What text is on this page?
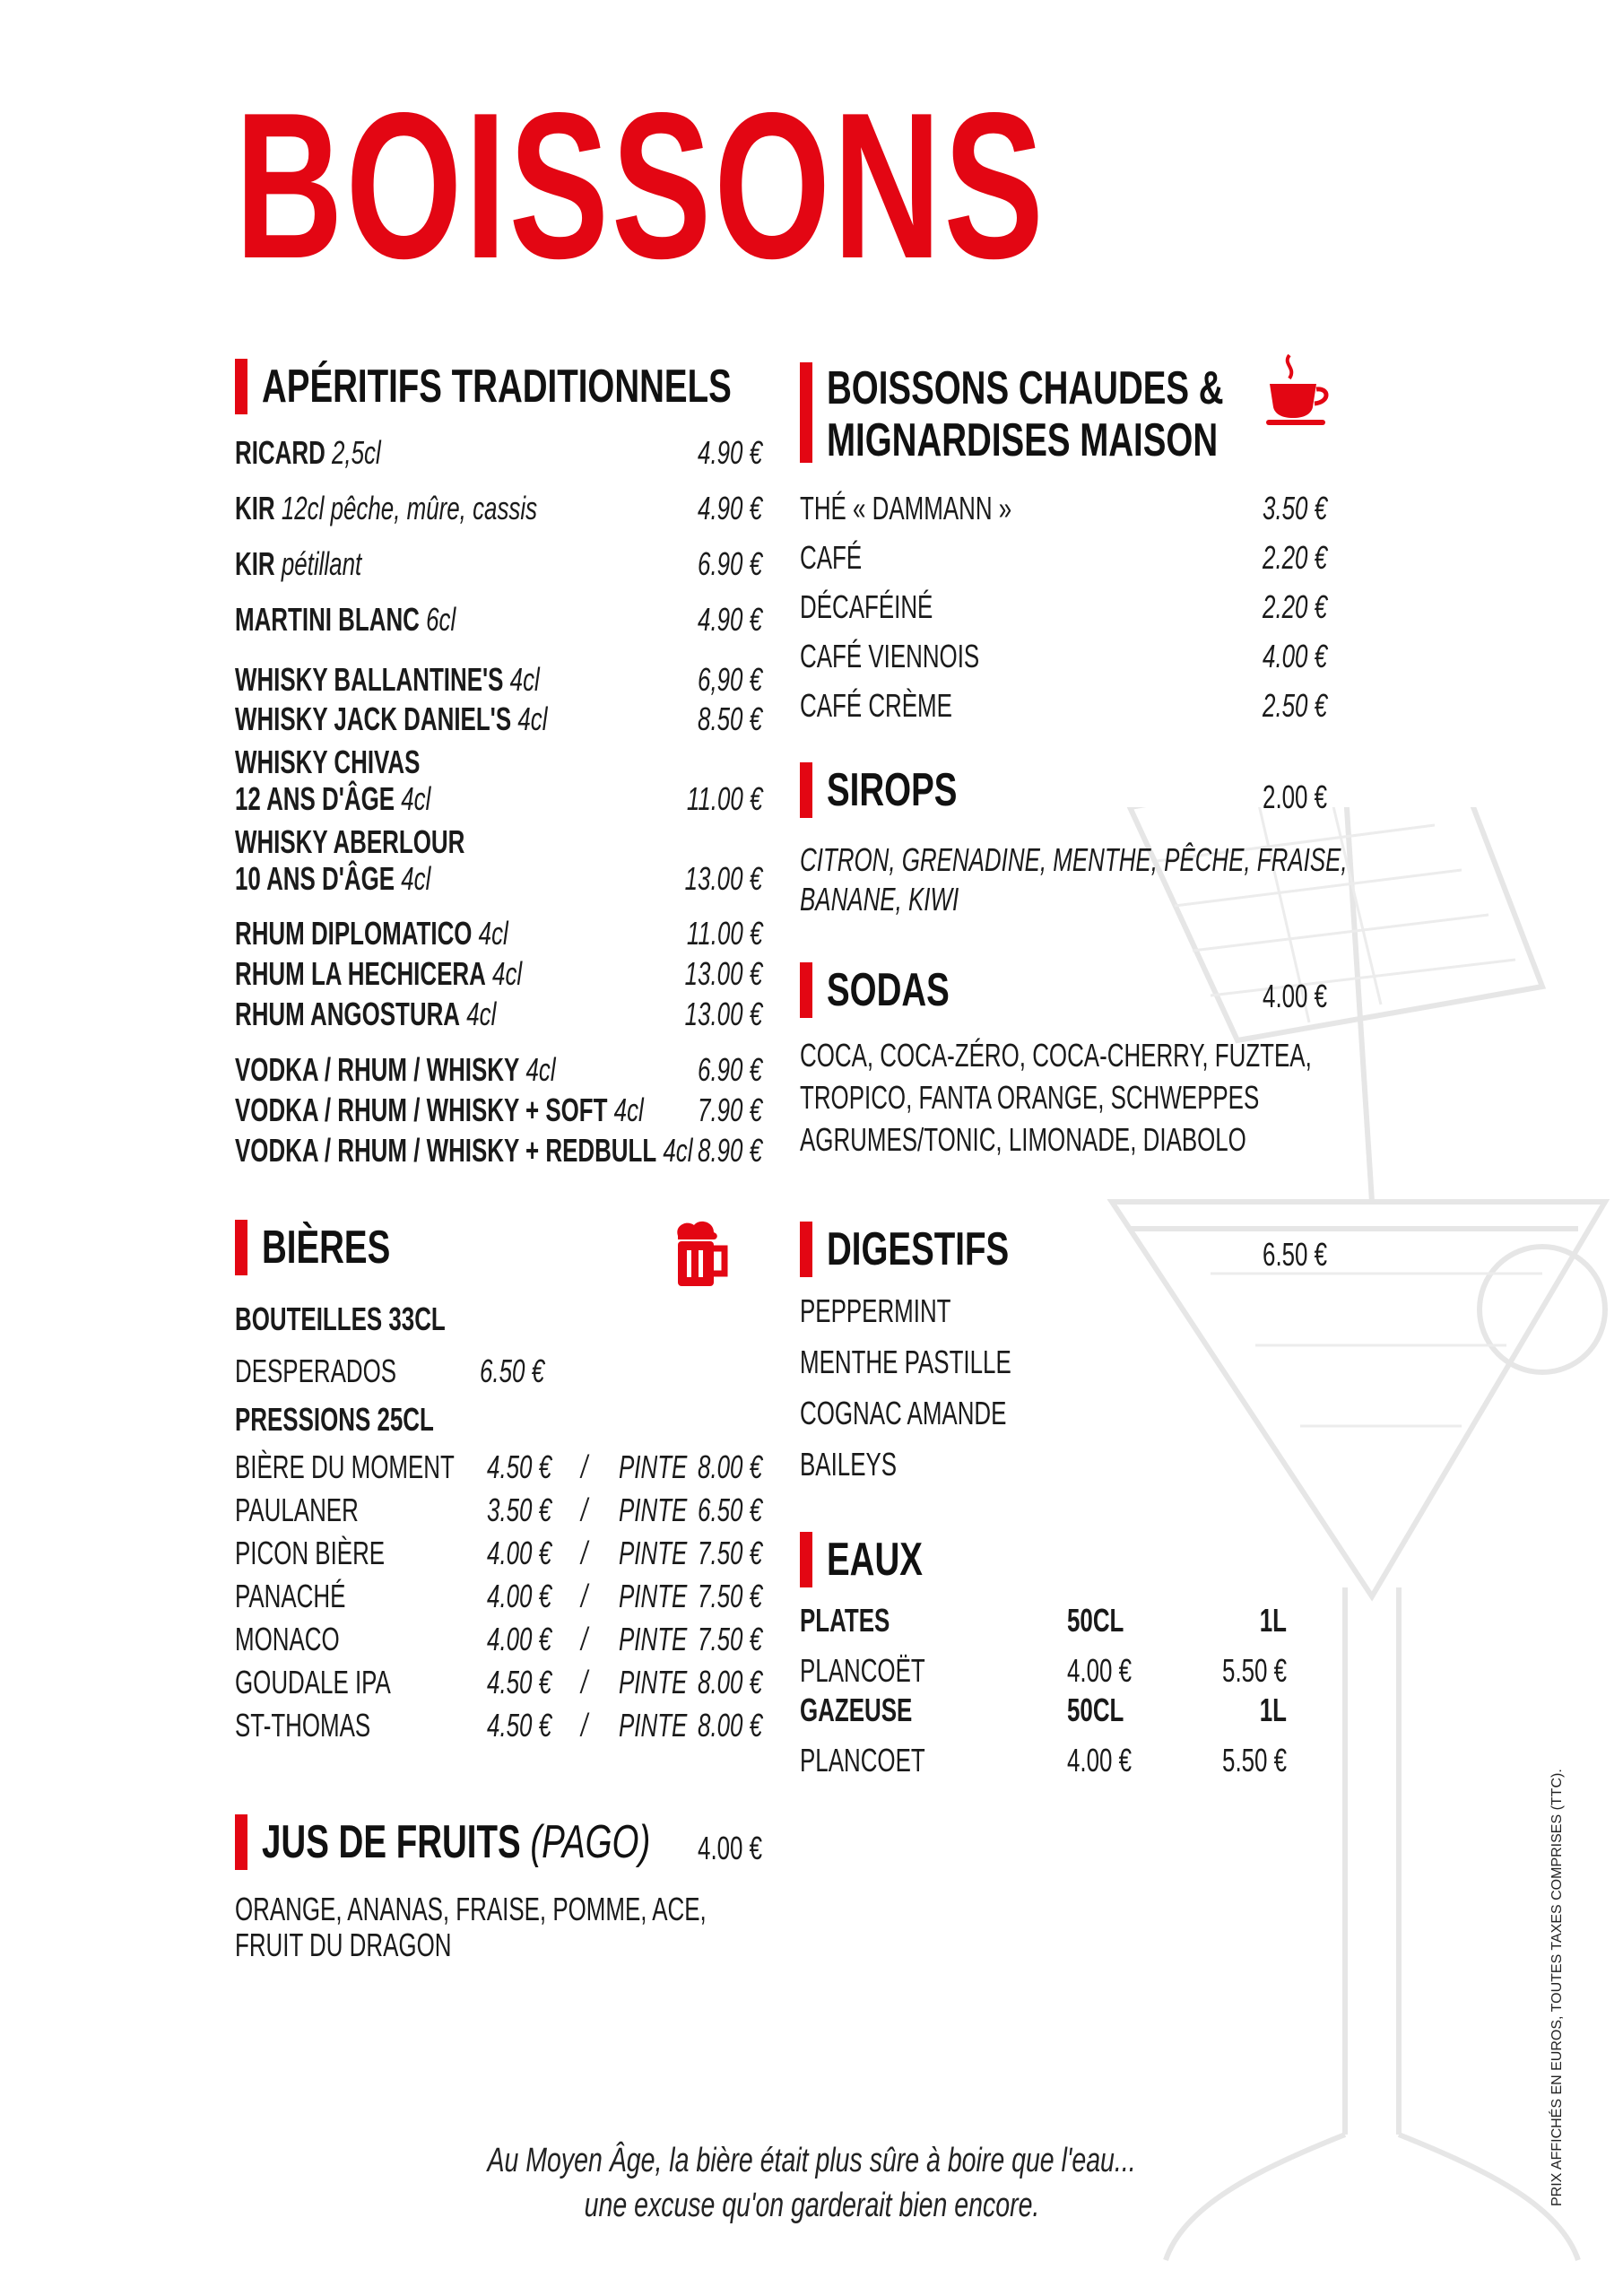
BOISSONS
APÉRITIFS TRADITIONNELS
RICARD 2,5cl	4.90 €
KIR 12cl pêche, mûre, cassis	4.90 €
KIR pétillant	6.90 €
MARTINI BLANC 6cl	4.90 €
WHISKY BALLANTINE'S 4cl	6,90 €
WHISKY JACK DANIEL'S 4cl	8.50 €
WHISKY CHIVAS
12 ANS D'ÂGE 4cl	11.00 €
WHISKY ABERLOUR
10 ANS D'ÂGE 4cl	13.00 €
RHUM DIPLOMATICO 4cl	11.00 €
RHUM LA HECHICERA 4cl	13.00 €
RHUM ANGOSTURA 4cl	13.00 €
VODKA / RHUM / WHISKY 4cl	6.90 €
VODKA / RHUM / WHISKY + SOFT 4cl	7.90 €
VODKA / RHUM / WHISKY + REDBULL 4cl 8.90 €
BOISSONS CHAUDES &
MIGNARDISES MAISON
THÉ « DAMMANN »	3.50 €
CAFÉ	2.20 €
DÉCAFÉINÉ	2.20 €
CAFÉ VIENNOIS	4.00 €
CAFÉ CRÈME	2.50 €
SIROPS	2.00 €
CITRON, GRENADINE, MENTHE, PÊCHE, FRAISE,
BANANE, KIWI
SODAS	4.00 €
COCA, COCA-ZÉRO, COCA-CHERRY, FUZTEA,
TROPICO, FANTA ORANGE, SCHWEPPES
AGRUMES/TONIC, LIMONADE, DIABOLO
BIÈRES
BOUTEILLES 33CL
DESPERADOS	6.50 €
PRESSIONS 25CL
BIÈRE DU MOMENT	4.50 € / PINTE 8.00 €
PAULANER	3.50 € / PINTE 6.50 €
PICON BIÈRE	4.00 € / PINTE 7.50 €
PANACHÉ	4.00 € / PINTE 7.50 €
MONACO	4.00 € / PINTE 7.50 €
GOUDALE IPA	4.50 € / PINTE 8.00 €
ST-THOMAS	4.50 € / PINTE 8.00 €
DIGESTIFS	6.50 €
PEPPERMINT
MENTHE PASTILLE
COGNAC AMANDE
BAILEYS
EAUX
PLATES	50CL	1L
PLANCOËT	4.00 €	5.50 €
GAZEUSE	50CL	1L
PLANCOET	4.00 €	5.50 €
JUS DE FRUITS (PAGO)	4.00 €
ORANGE, ANANAS, FRAISE, POMME, ACE,
FRUIT DU DRAGON
Au Moyen Âge, la bière était plus sûre à boire que l'eau...
une excuse qu'on garderait bien encore.	PRIX AFFICHÉS EN EUROS, TOUTES TAXES COMPRISES (TTC).
